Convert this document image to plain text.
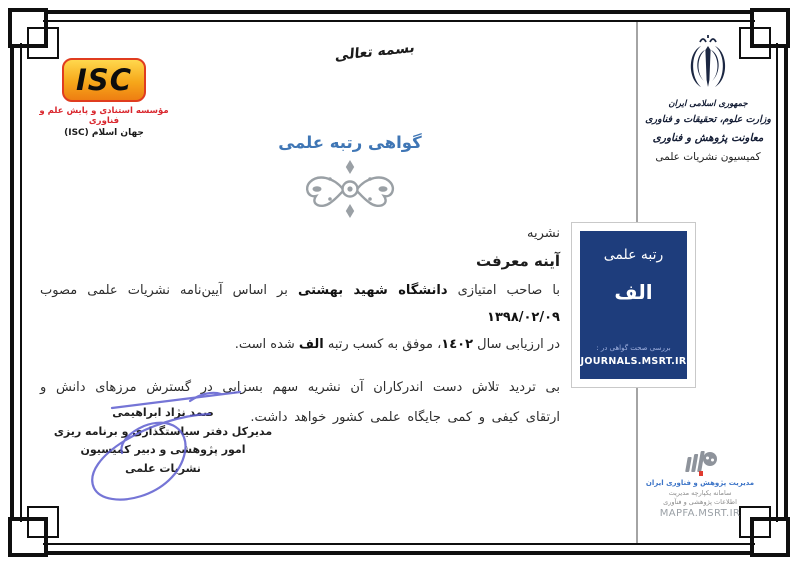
بسمه تعالی
ISC
مؤسسه استنادی و پایش علم و فناوری
جهان اسلام (ISC)	گواهی رتبه علمی
جمهوری اسلامی ایران
وزارت علوم، تحقیقات و فناوری
معاونت پژوهش و فناوری
کمیسیون نشریات علمی
نشریه
آینه معرفت
با صاحب امتیازی دانشگاه شهید بهشتی بر اساس آیین‌نامه نشریات علمی مصوب ١٣٩٨/٠٢/٠٩
در ارزیابی سال ١٤٠٢، موفق به کسب رتبه الف شده است.
بی تردید تلاش دست اندرکاران آن نشریه سهم بسزایی در گسترش مرزهای دانش و ارتقای کیفی و کمی جایگاه علمی کشور خواهد داشت.
صمد نژاد ابراهیمی
مدیرکل دفتر سیاستگذاری و برنامه ریزی
امور پژوهشی و دبیر کمیسیون
نشریات علمی
رتبه علمی
الف
بررسی صحت گواهی در :
JOURNALS.MSRT.IR
مدیریت پژوهش و فناوری ایران
سامانه یکپارچه مدیریت
اطلاعات پژوهشی و فنآوری
MAPFA.MSRT.IR
